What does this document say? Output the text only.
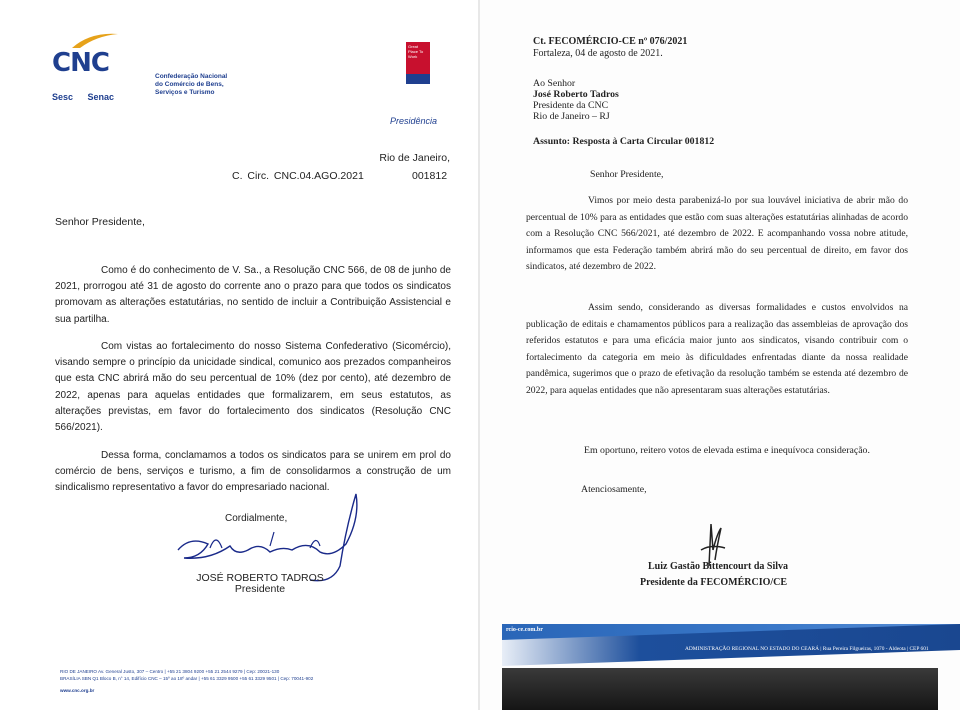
CNC
Sesc Senac
Confederação Nacional
do Comércio de Bens,
Serviços e Turismo
Great Place To Work
Presidência
Rio de Janeiro,
C. Circ. CNC.04.AGO.2021	001812
Senhor Presidente,
Como é do conhecimento de V. Sa., a Resolução CNC 566, de 08 de junho de 2021, prorrogou até 31 de agosto do corrente ano o prazo para que todos os sindicatos promovam as alterações estatutárias, no sentido de incluir a Contribuição Assistencial e sua partilha.
Com vistas ao fortalecimento do nosso Sistema Confederativo (Sicomércio), visando sempre o princípio da unicidade sindical, comunico aos prezados companheiros que esta CNC abrirá mão do seu percentual de 10% (dez por cento), até dezembro de 2022, apenas para aquelas entidades que formalizarem, em seus estatutos, as alterações previstas, em favor do fortalecimento dos sindicatos (Resolução CNC 566/2021).
Dessa forma, conclamamos a todos os sindicatos para se unirem em prol do comércio de bens, serviços e turismo, a fim de consolidarmos a construção de um sindicalismo representativo a favor do empresariado nacional.
Cordialmente,
JOSÉ ROBERTO TADROS
Presidente
RIO DE JANEIRO Av. General Justo, 307 – Centro | +55 21 3804 9200 +55 21 2544 9279 | Cep: 20021-130
BRASÍLIA SBN Q1 Bloco B, n° 14, Edifício CNC – 15º ao 18º andar | +55 61 3329 9500 +55 61 3329 9501 | Cep: 70041-902
www.cnc.org.br
Ct. FECOMÉRCIO-CE nº 076/2021
Fortaleza, 04 de agosto de 2021.
Ao Senhor
José Roberto Tadros
Presidente da CNC
Rio de Janeiro – RJ
Assunto: Resposta à Carta Circular 001812
Senhor Presidente,
Vimos por meio desta parabenizá-lo por sua louvável iniciativa de abrir mão do percentual de 10% para as entidades que estão com suas alterações estatutárias alinhadas de acordo com a Resolução CNC 566/2021, até dezembro de 2022. E acompanhando vossa nobre atitude, informamos que esta Federação também abrirá mão do seu percentual de direito, em favor dos sindicatos, até dezembro de 2022.
Assim sendo, considerando as diversas formalidades e custos envolvidos na publicação de editais e chamamentos públicos para a realização das assembleias de aprovação dos referidos estatutos e para uma eficácia maior junto aos sindicatos, visando contribuir com o fortalecimento da categoria em meio às dificuldades enfrentadas diante da nossa realidade pandêmica, sugerimos que o prazo de efetivação da resolução também se estenda até dezembro de 2022, para aquelas entidades que não apresentaram suas alterações estatutárias.
Em oportuno, reitero votos de elevada estima e inequívoca consideração.
Atenciosamente,
Luiz Gastão Bittencourt da Silva
Presidente da FECOMÉRCIO/CE
rcio-ce.com.br
ADMINISTRAÇÃO REGIONAL NO ESTADO DO CEARÁ | Rua Pereira Filgueiras, 1070 - Aldeota | CEP 601
